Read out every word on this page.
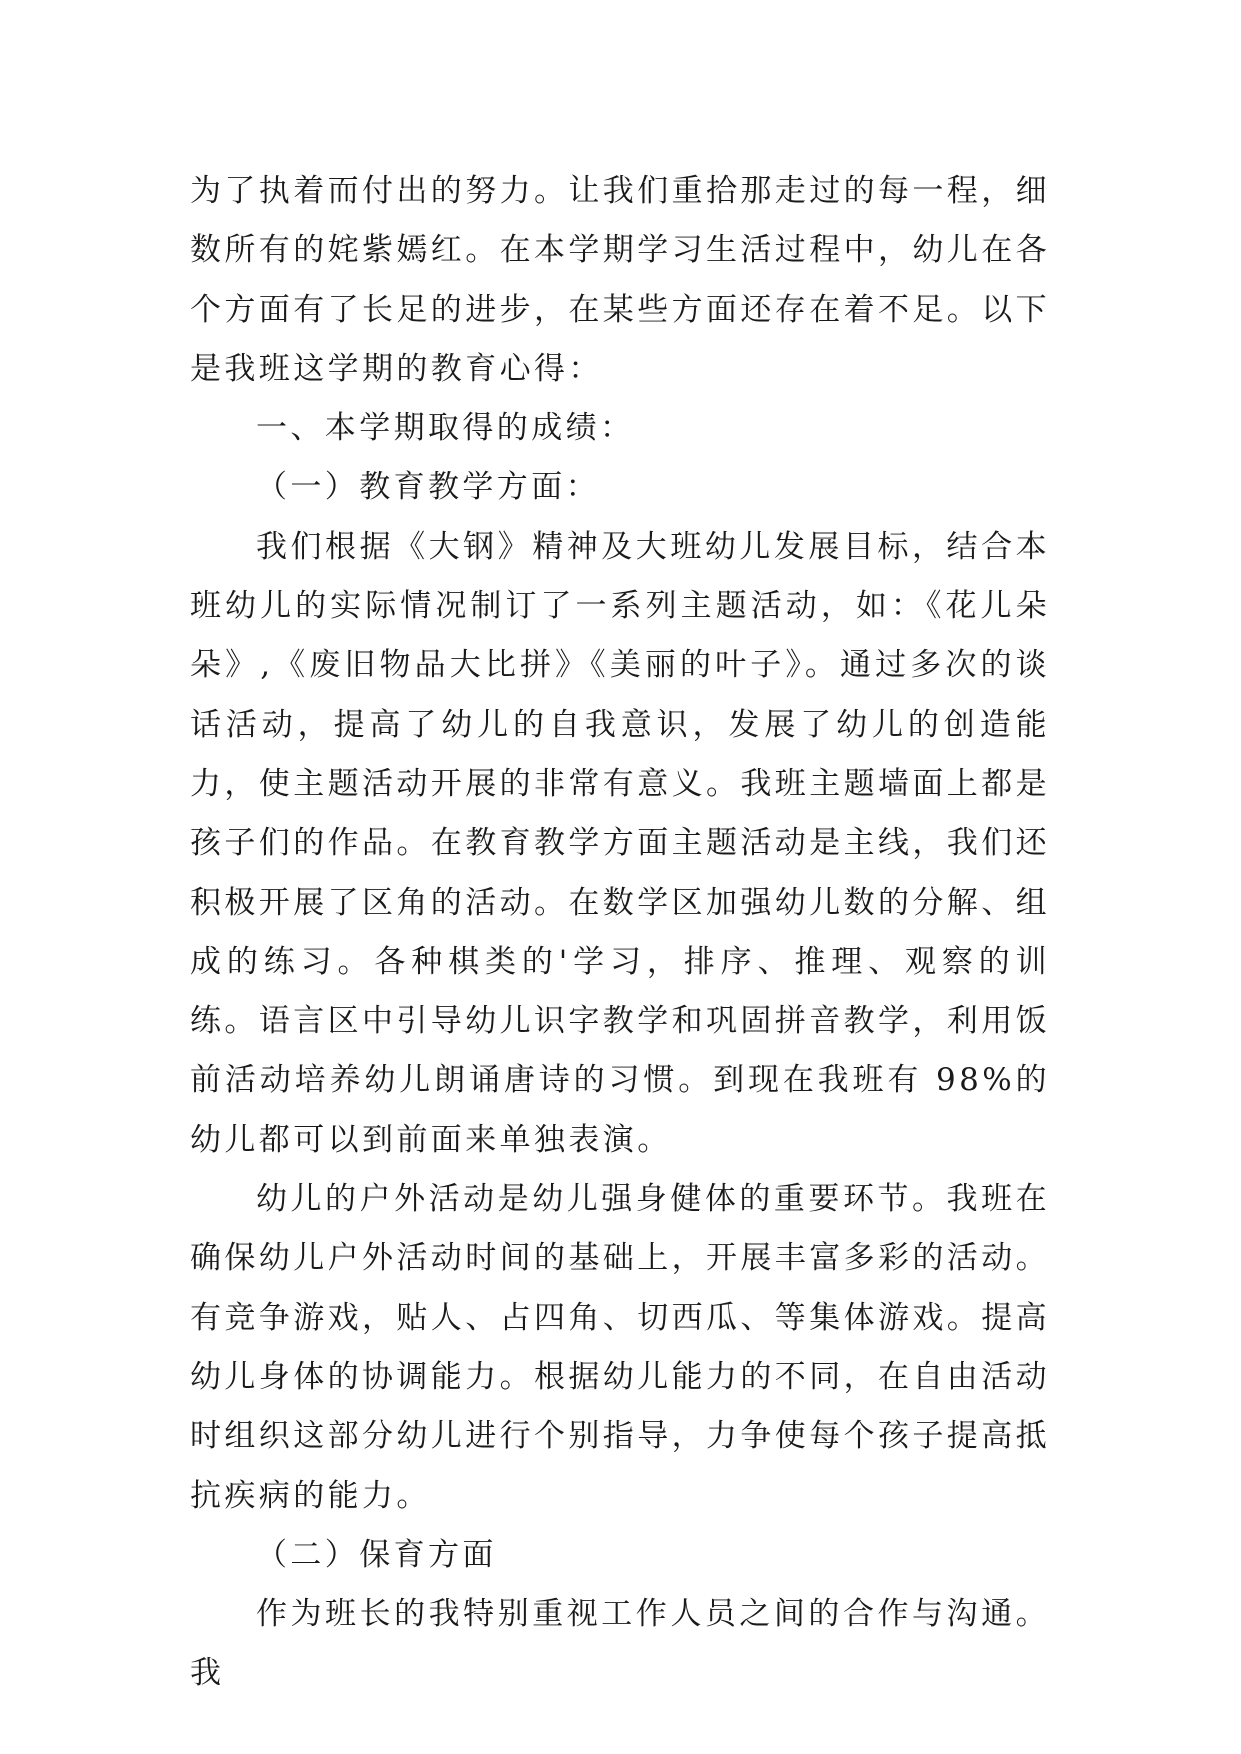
为了执着而付出的努力。让我们重拾那走过的每一程，细数所有的姹紫嫣红。在本学期学习生活过程中，幼儿在各个方面有了长足的进步，在某些方面还存在着不足。以下是我班这学期的教育心得：

一、本学期取得的成绩：

（一）教育教学方面：

我们根据《大钢》精神及大班幼儿发展目标，结合本班幼儿的实际情况制订了一系列主题活动，如：《花儿朵朵》,《废旧物品大比拼》《美丽的叶子》。通过多次的谈话活动，提高了幼儿的自我意识，发展了幼儿的创造能力，使主题活动开展的非常有意义。我班主题墙面上都是孩子们的作品。在教育教学方面主题活动是主线，我们还积极开展了区角的活动。在数学区加强幼儿数的分解、组成的练习。各种棋类的'学习，排序、推理、观察的训练。语言区中引导幼儿识字教学和巩固拼音教学，利用饭前活动培养幼儿朗诵唐诗的习惯。到现在我班有 98%的幼儿都可以到前面来单独表演。

幼儿的户外活动是幼儿强身健体的重要环节。我班在确保幼儿户外活动时间的基础上，开展丰富多彩的活动。有竞争游戏，贴人、占四角、切西瓜、等集体游戏。提高幼儿身体的协调能力。根据幼儿能力的不同，在自由活动时组织这部分幼儿进行个别指导，力争使每个孩子提高抵抗疾病的能力。

（二）保育方面

作为班长的我特别重视工作人员之间的合作与沟通。我
